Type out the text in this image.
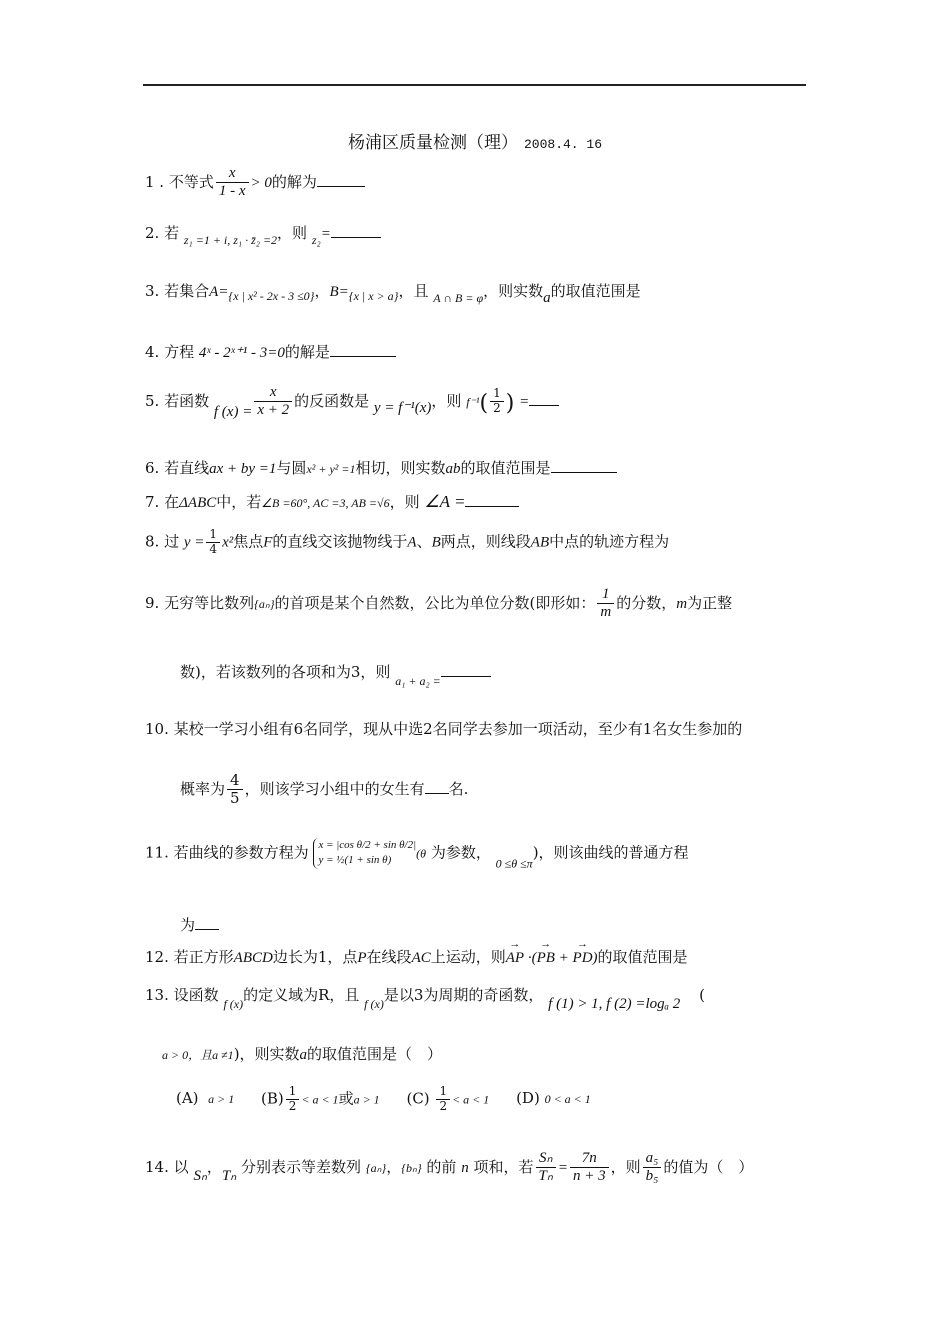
杨浦区质量检测（理） 2008.4. 16
1 . 不等式 $\frac{x}{1 - x} > 0$的解为
2. 若 $_{z_1 =1 + i, z_1 \cdot z̄_2 =2}$，则 $_{z_2}$=
3. 若集合$A=_{\{x | x^2 - 2x - 3 \le 0\}}$，$B=_{\{x | x > a\}}$，且 $_{A \cap B = \varphi}$，则实数a的取值范围是
4. 方程 4ˣ - 2ˣ⁺¹ - 3=0的解是
5. 若函数 f $(x) = \frac{x}{x + 2}$ 的反函数是 y = f⁻¹(x)，则 $f^{-1}( \frac{1}{2}$ ) =
6. 若直线ax + by =1与圆x² + y² =1相切，则实数ab的取值范围是
7. 在ΔABC中，若∠B =60°, AC =3, AB =√6，则 ∠A =
8. 过 $y = \frac{1}{4} x^2$焦点F的直线交该抛物线于A、B两点，则线段AB中点的轨迹方程为
9. 无穷等比数列{aₙ}的首项是某个自然数，公比为单位分数(即形如： $\frac{1}{m}$ 的分数，m为正整
数)，若该数列的各项和为3，则 $_{a_1 + a_2 =}$
10. 某校一学习小组有6名同学，现从中选2名同学去参加一项活动，至少有1名女生参加的
概率为 $\frac{4}{5}$ ，则该学习小组中的女生有 名.
11. 若曲线的参数方程为 x = |cos θ/2 + sin θ/2|
y = ½(1 + sin θ)	(θ 为参数， $_{0 \le\theta \le\pi}$)，则该曲线的普通方程
为
12. 若正方形ABCD边长为1，点P在线段AC上运动，则→ AP ·(→ PB + → PD)的取值范围是
13. 设函数 $_{f (x)}$的定义域为R，且 $_{f (x)}$是以3为周期的奇函数， f (1) > 1, f (2) =logₐ 2 (
a > 0，且a ≠1)，则实数a的取值范围是（　）
(A) a > 1 $(B) \frac{1}{2} < a < 1$或a > 1 $(C) \frac{1}{2} < a < 1$ (D) 0 < a < 1
14. 以 Sₙ，Tₙ 分别表示等差数列 {aₙ}，{bₙ} 的前 n 项和，若 $\frac{\text{Sₙ}}{\text{Tₙ}} = \frac{7n}{n + 3}$ ，则 $\frac{\text{a₅}}{\text{b₅}}$ 的值为（　）
